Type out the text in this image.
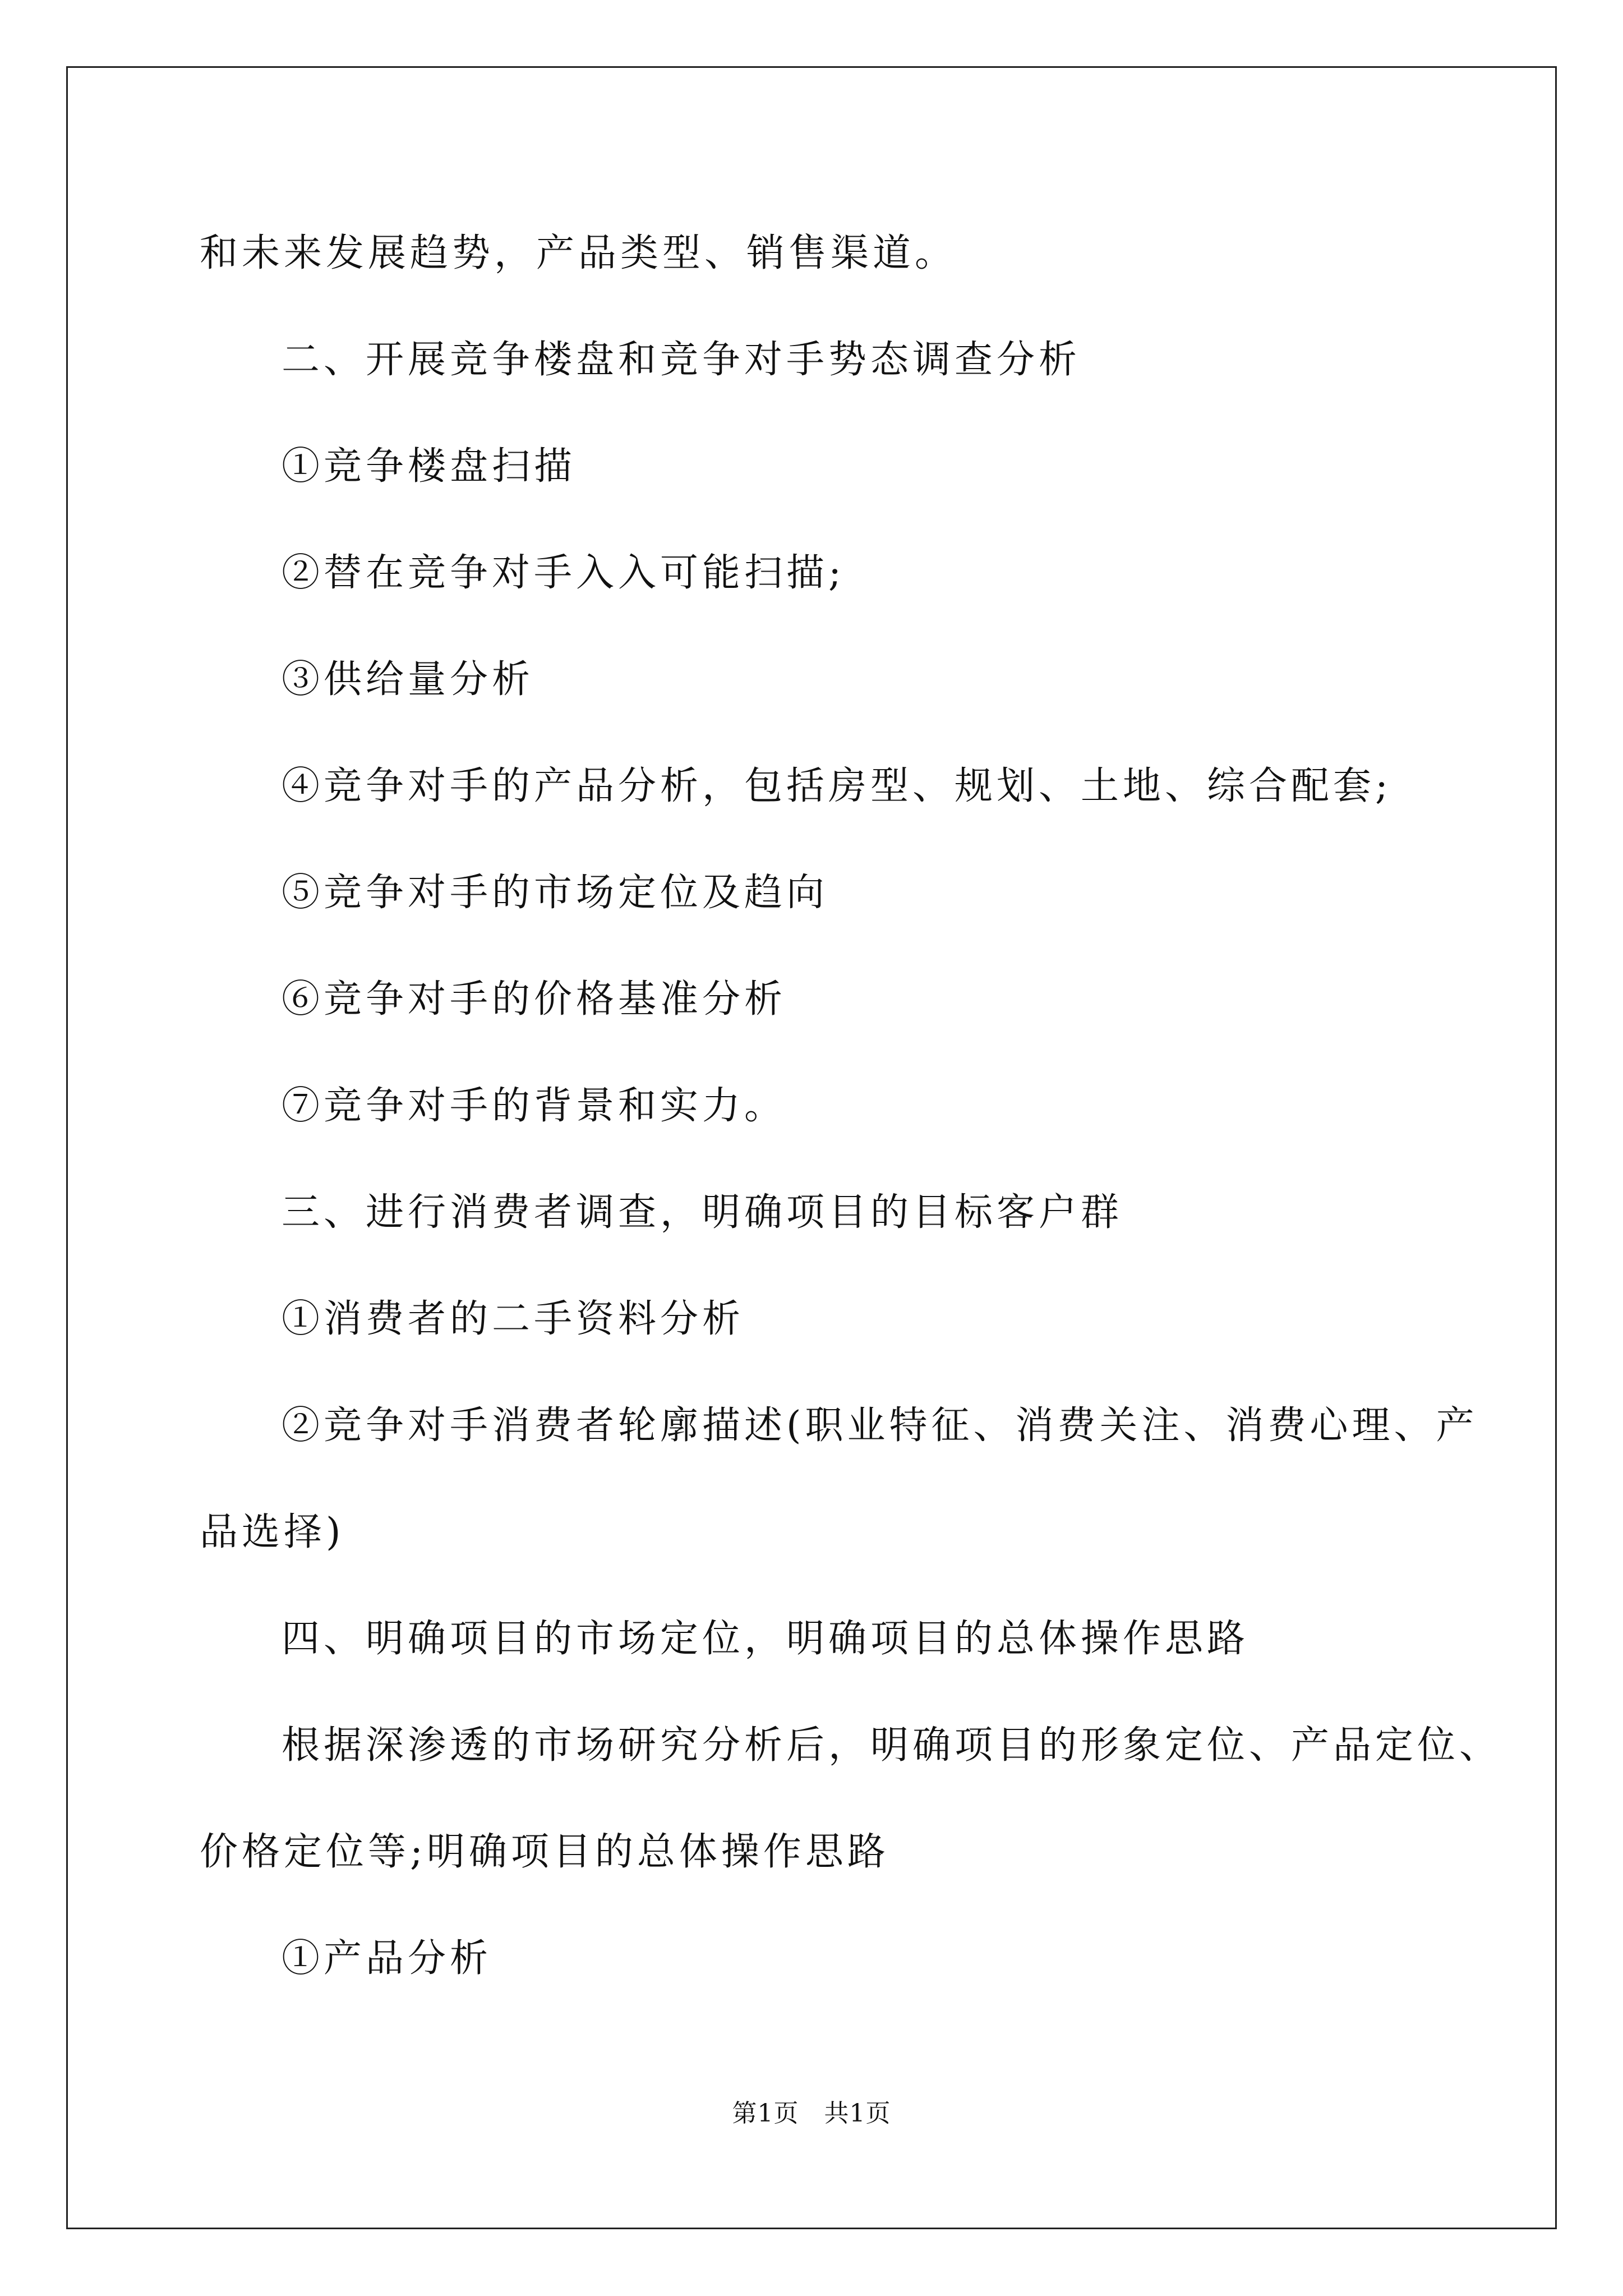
和未来发展趋势，产品类型、销售渠道。
二、开展竞争楼盘和竞争对手势态调查分析
①竞争楼盘扫描
②替在竞争对手入入可能扫描;
③供给量分析
④竞争对手的产品分析，包括房型、规划、土地、综合配套;
⑤竞争对手的市场定位及趋向
⑥竞争对手的价格基准分析
⑦竞争对手的背景和实力。
三、进行消费者调查，明确项目的目标客户群
①消费者的二手资料分析
②竞争对手消费者轮廓描述(职业特征、消费关注、消费心理、产
品选择)
四、明确项目的市场定位，明确项目的总体操作思路
根据深渗透的市场研究分析后，明确项目的形象定位、产品定位、
价格定位等;明确项目的总体操作思路
①产品分析
第1页　共1页
